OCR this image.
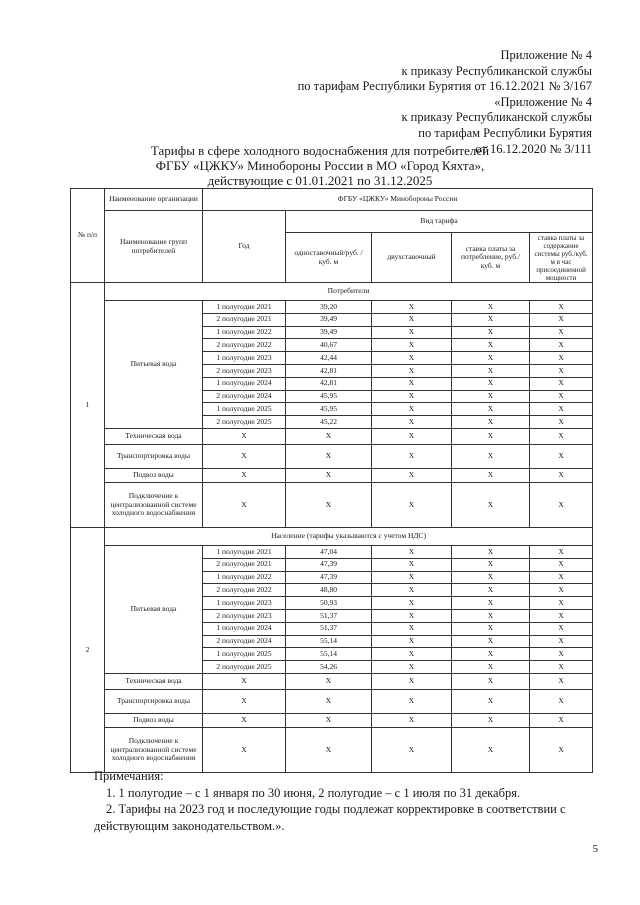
Приложение № 4
к приказу Республиканской службы
по тарифам Республики Бурятия от 16.12.2021 № 3/167
«Приложение № 4
к приказу Республиканской службы
по тарифам Республики Бурятия
от 16.12.2020 № 3/111
Тарифы в сфере холодного водоснабжения для потребителей
ФГБУ «ЦЖКУ» Минобороны России в МО «Город Кяхта»,
действующие с 01.01.2021 по 31.12.2025
№ п/п	Наименование организации	ФГБУ «ЦЖКУ» Минобороны России				
	Наименование групп потребителей	Год	Вид тарифа			
			одноставочный/руб. / куб. м	двухставочный	ставка платы за потребление, руб./ куб. м	ставка платы за содержание системы руб./куб. м в час присоединенной мощности
1	Потребители					
	Питьевая вода	1 полугодие 2021	39,20	X	X	X
		2 полугодие 2021	39,49	X	X	X
		1 полугодие 2022	39,49	X	X	X
		2 полугодие 2022	40,67	X	X	X
		1 полугодие 2023	42,44	X	X	X
		2 полугодие 2023	42,81	X	X	X
		1 полугодие 2024	42,81	X	X	X
		2 полугодие 2024	45,95	X	X	X
		1 полугодие 2025	45,95	X	X	X
		2 полугодие 2025	45,22	X	X	X
	Техническая вода	X	X	X	X	X
	Транспортировка воды	X	X	X	X	X
	Подвоз воды	X	X	X	X	X
	Подключение к централизованной системе холодного водоснабжения	X	X	X	X	X
2	Население (тарифы указываются с учетом НДС)					
	Питьевая вода	1 полугодие 2021	47,04	X	X	X
		2 полугодие 2021	47,39	X	X	X
		1 полугодие 2022	47,39	X	X	X
		2 полугодие 2022	48,80	X	X	X
		1 полугодие 2023	50,93	X	X	X
		2 полугодие 2023	51,37	X	X	X
		1 полугодие 2024	51,37	X	X	X
		2 полугодие 2024	55,14	X	X	X
		1 полугодие 2025	55,14	X	X	X
		2 полугодие 2025	54,26	X	X	X
	Техническая вода	X	X	X	X	X
	Транспортировка воды	X	X	X	X	X
	Подвоз воды	X	X	X	X	X
	Подключение к централизованной системе холодного водоснабжения	X	X	X	X	X
Примечания:
1. 1 полугодие – с 1 января по 30 июня, 2 полугодие – с 1 июля по 31 декабря.
2. Тарифы на 2023 год и последующие годы подлежат корректировке в соответствии с действующим законодательством.».
5
